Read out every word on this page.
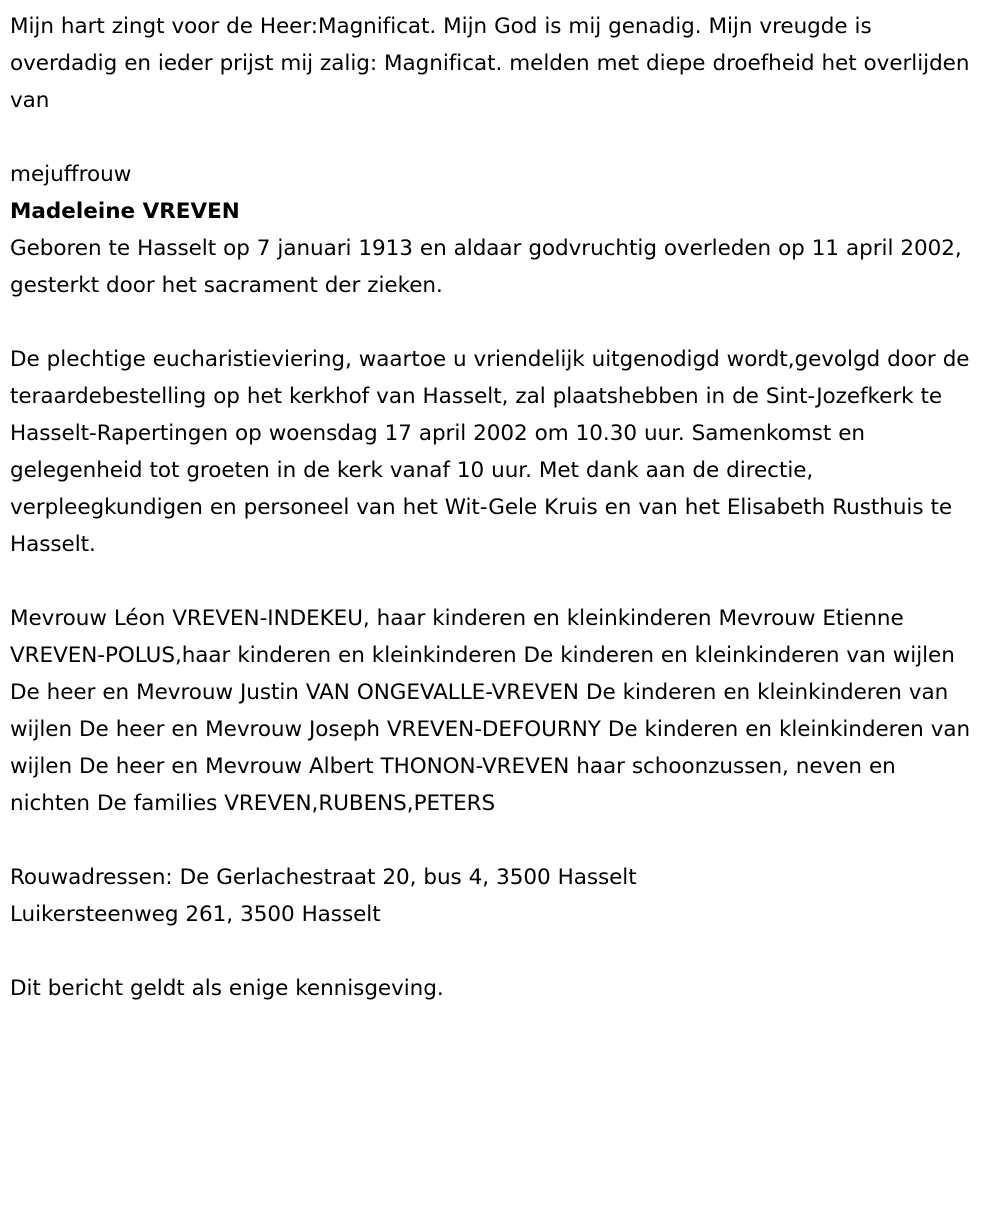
Mijn hart zingt voor de Heer:Magnificat. Mijn God is mij genadig. Mijn vreugde is overdadig en ieder prijst mij zalig: Magnificat. melden met diepe droefheid het overlijden van

mejuffrouw

Madeleine VREVEN

Geboren te Hasselt op 7 januari 1913 en aldaar godvruchtig overleden op 11 april 2002, gesterkt door het sacrament der zieken.

De plechtige eucharistieviering, waartoe u vriendelijk uitgenodigd wordt,gevolgd door de teraardebestelling op het kerkhof van Hasselt, zal plaatshebben in de Sint-Jozefkerk te Hasselt-Rapertingen op woensdag 17 april 2002 om 10.30 uur. Samenkomst en gelegenheid tot groeten in de kerk vanaf 10 uur. Met dank aan de directie, verpleegkundigen en personeel van het Wit-Gele Kruis en van het Elisabeth Rusthuis te Hasselt.

Mevrouw Léon VREVEN-INDEKEU, haar kinderen en kleinkinderen Mevrouw Etienne VREVEN-POLUS,haar kinderen en kleinkinderen De kinderen en kleinkinderen van wijlen De heer en Mevrouw Justin VAN ONGEVALLE-VREVEN De kinderen en kleinkinderen van wijlen De heer en Mevrouw Joseph VREVEN-DEFOURNY De kinderen en kleinkinderen van wijlen De heer en Mevrouw Albert THONON-VREVEN haar schoonzussen, neven en nichten De families VREVEN,RUBENS,PETERS

Rouwadressen: De Gerlachestraat 20, bus 4, 3500 Hasselt

Luikersteenweg 261, 3500 Hasselt

Dit bericht geldt als enige kennisgeving.
